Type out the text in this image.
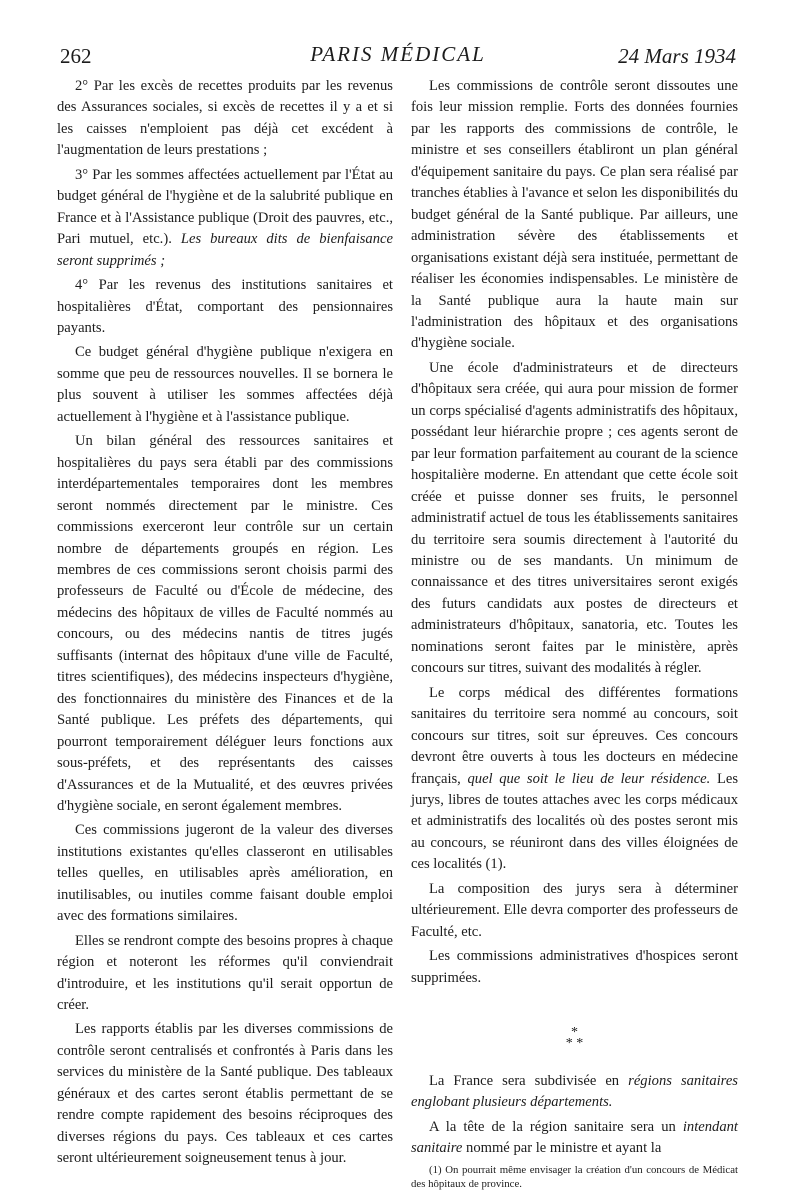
262	PARIS MÉDICAL	24 Mars 1934

2° Par les excès de recettes produits par les revenus des Assurances sociales, si excès de recettes il y a et si les caisses n'emploient pas déjà cet excédent à l'augmentation de leurs prestations ;

3° Par les sommes affectées actuellement par l'État au budget général de l'hygiène et de la salubrité publique en France et à l'Assistance publique (Droit des pauvres, etc., Pari mutuel, etc.). Les bureaux dits de bienfaisance seront supprimés ;

4° Par les revenus des institutions sanitaires et hospitalières d'État, comportant des pensionnaires payants.

Ce budget général d'hygiène publique n'exigera en somme que peu de ressources nouvelles. Il se bornera le plus souvent à utiliser les sommes affectées déjà actuellement à l'hygiène et à l'assistance publique.

Un bilan général des ressources sanitaires et hospitalières du pays sera établi par des commissions interdépartementales temporaires dont les membres seront nommés directement par le ministre. Ces commissions exerceront leur contrôle sur un certain nombre de départements groupés en région. Les membres de ces commissions seront choisis parmi des professeurs de Faculté ou d'École de médecine, des médecins des hôpitaux de villes de Faculté nommés au concours, ou des médecins nantis de titres jugés suffisants (internat des hôpitaux d'une ville de Faculté, titres scientifiques), des médecins inspecteurs d'hygiène, des fonctionnaires du ministère des Finances et de la Santé publique. Les préfets des départements, qui pourront temporairement déléguer leurs fonctions aux sous-préfets, et des représentants des caisses d'Assurances et de la Mutualité, et des œuvres privées d'hygiène sociale, en seront également membres.

Ces commissions jugeront de la valeur des diverses institutions existantes qu'elles classeront en utilisables telles quelles, en utilisables après amélioration, en inutilisables, ou inutiles comme faisant double emploi avec des formations similaires.

Elles se rendront compte des besoins propres à chaque région et noteront les réformes qu'il conviendrait d'introduire, et les institutions qu'il serait opportun de créer.

Les rapports établis par les diverses commissions de contrôle seront centralisés et confrontés à Paris dans les services du ministère de la Santé publique. Des tableaux généraux et des cartes seront établis permettant de se rendre compte rapidement des besoins réciproques des diverses régions du pays. Ces tableaux et ces cartes seront ultérieurement soigneusement tenus à jour.

Les commissions de contrôle seront dissoutes une fois leur mission remplie. Forts des données fournies par les rapports des commissions de contrôle, le ministre et ses conseillers établiront un plan général d'équipement sanitaire du pays. Ce plan sera réalisé par tranches établies à l'avance et selon les disponibilités du budget général de la Santé publique. Par ailleurs, une administration sévère des établissements et organisations existant déjà sera instituée, permettant de réaliser les économies indispensables. Le ministère de la Santé publique aura la haute main sur l'administration des hôpitaux et des organisations d'hygiène sociale.

Une école d'administrateurs et de directeurs d'hôpitaux sera créée, qui aura pour mission de former un corps spécialisé d'agents administratifs des hôpitaux, possédant leur hiérarchie propre ; ces agents seront de par leur formation parfaitement au courant de la science hospitalière moderne. En attendant que cette école soit créée et puisse donner ses fruits, le personnel administratif actuel de tous les établissements sanitaires du territoire sera soumis directement à l'autorité du ministre ou de ses mandants. Un minimum de connaissance et des titres universitaires seront exigés des futurs candidats aux postes de directeurs et administrateurs d'hôpitaux, sanatoria, etc. Toutes les nominations seront faites par le ministère, après concours sur titres, suivant des modalités à régler.

Le corps médical des différentes formations sanitaires du territoire sera nommé au concours, soit concours sur titres, soit sur épreuves. Ces concours devront être ouverts à tous les docteurs en médecine français, quel que soit le lieu de leur résidence. Les jurys, libres de toutes attaches avec les corps médicaux et administratifs des localités où des postes seront mis au concours, se réuniront dans des villes éloignées de ces localités (1).

La composition des jurys sera à déterminer ultérieurement. Elle devra comporter des professeurs de Faculté, etc.

Les commissions administratives d'hospices seront supprimées.

*
* *

La France sera subdivisée en régions sanitaires englobant plusieurs départements.

A la tête de la région sanitaire sera un intendant sanitaire nommé par le ministre et ayant la

(1) On pourrait même envisager la création d'un concours de Médicat des hôpitaux de province.
